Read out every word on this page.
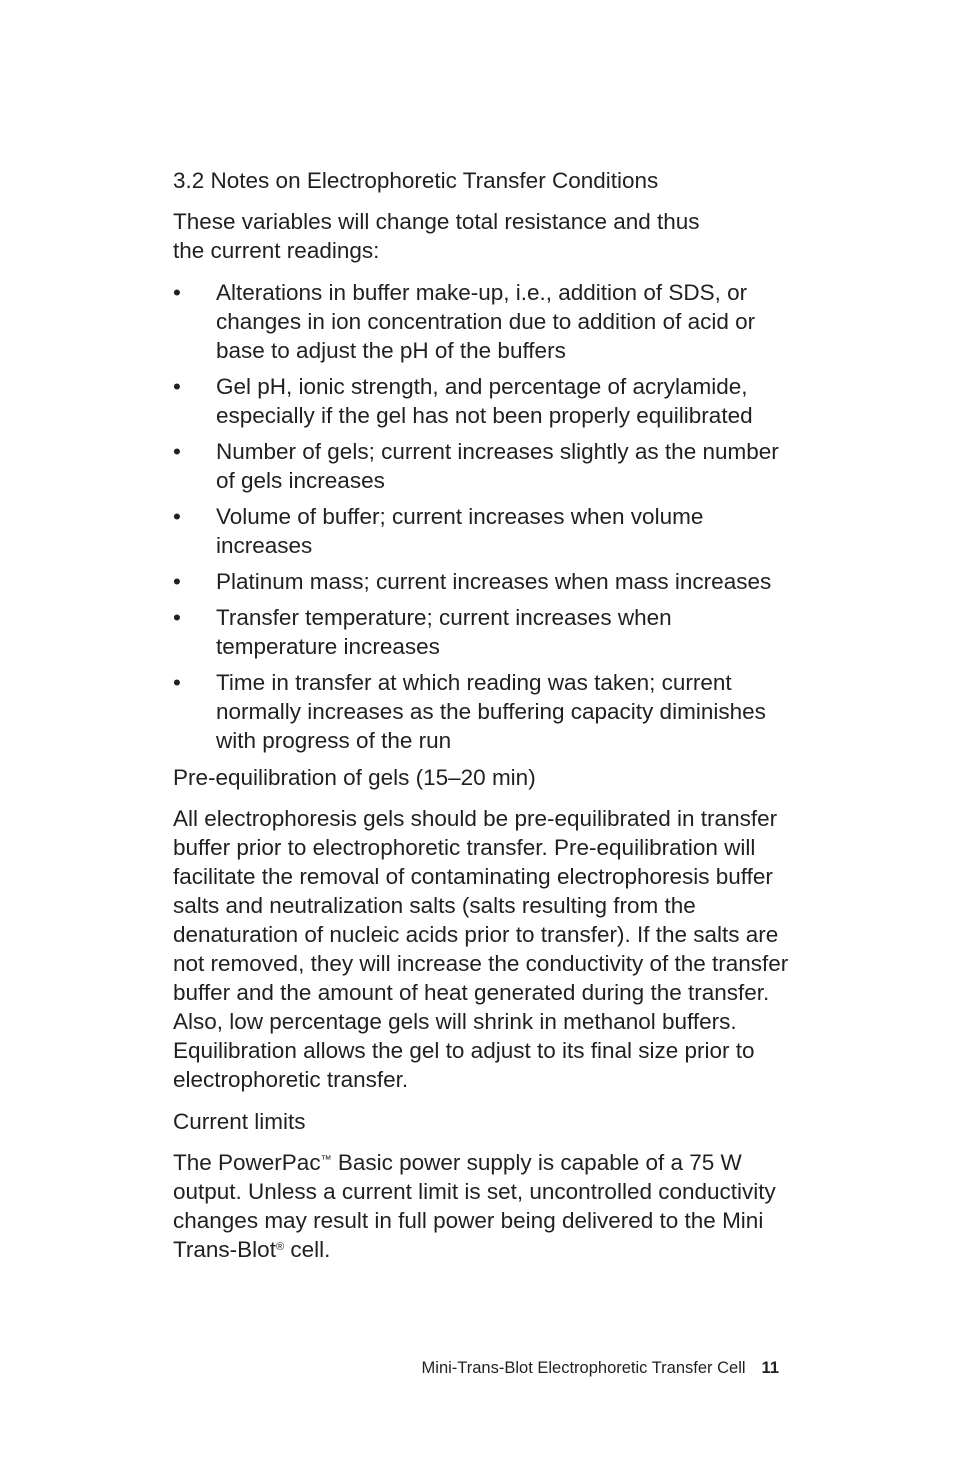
3.2 Notes on Electrophoretic Transfer Conditions
These variables will change total resistance and thus
the current readings:
• Alterations in buffer make-up, i.e., addition of SDS, or changes in ion concentration due to addition of acid or base to adjust the pH of the buffers
• Gel pH, ionic strength, and percentage of acrylamide, especially if the gel has not been properly equilibrated
• Number of gels; current increases slightly as the number of gels increases
• Volume of buffer; current increases when volume increases
• Platinum mass; current increases when mass increases
• Transfer temperature; current increases when temperature increases
• Time in transfer at which reading was taken; current normally increases as the buffering capacity diminishes with progress of the run
Pre-equilibration of gels (15–20 min)
All electrophoresis gels should be pre-equilibrated in transfer buffer prior to electrophoretic transfer. Pre-equilibration will facilitate the removal of contaminating electrophoresis buffer salts and neutralization salts (salts resulting from the denaturation of nucleic acids prior to transfer). If the salts are not removed, they will increase the conductivity of the transfer buffer and the amount of heat generated during the transfer. Also, low percentage gels will shrink in methanol buffers. Equilibration allows the gel to adjust to its final size prior to electrophoretic transfer.
Current limits
The PowerPac™ Basic power supply is capable of a 75 W output. Unless a current limit is set, uncontrolled conductivity changes may result in full power being delivered to the Mini Trans-Blot® cell.
Mini-Trans-Blot Electrophoretic Transfer Cell 11
